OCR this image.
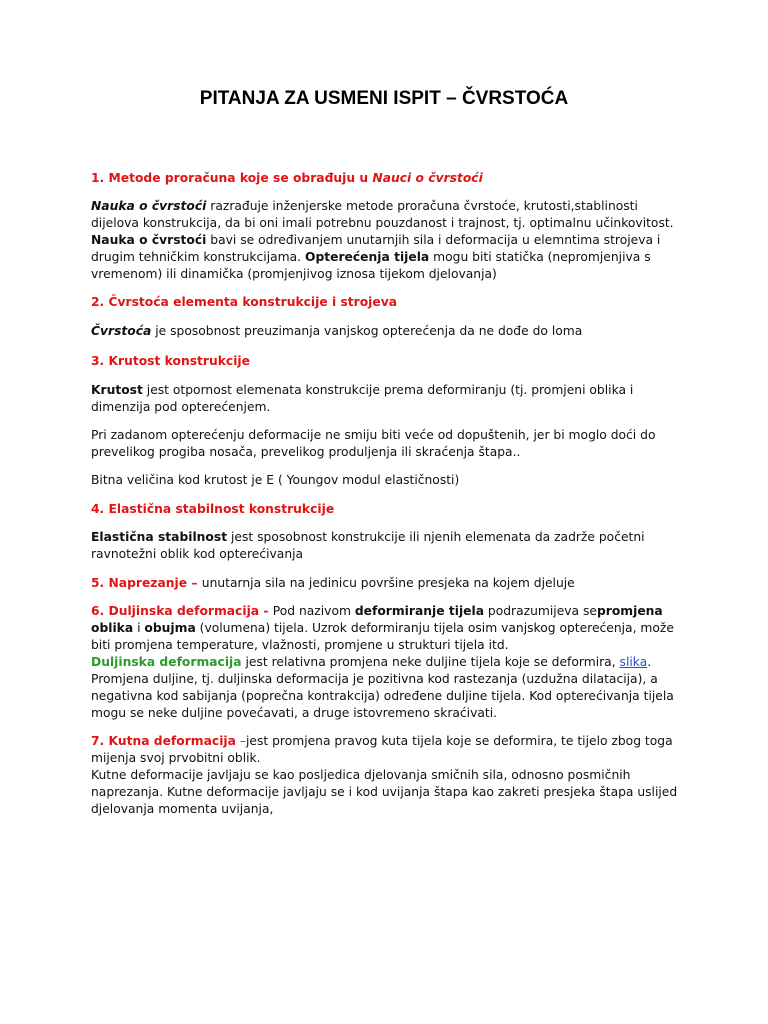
PITANJA ZA USMENI ISPIT – ČVRSTOĆA

1. Metode proračuna koje se obrađuju u Nauci o čvrstoći

Nauka o čvrstoći razrađuje inženjerske metode proračuna čvrstoće, krutosti,stablinosti dijelova konstrukcija, da bi oni imali potrebnu pouzdanost i trajnost, tj. optimalnu učinkovitost. Nauka o čvrstoći bavi se određivanjem unutarnjih sila i deformacija u elemntima strojeva i drugim tehničkim konstrukcijama. Opterećenja tijela mogu biti statička (nepromjenjiva s vremenom) ili dinamička (promjenjivog iznosa tijekom djelovanja)

2. Čvrstoća elementa konstrukcije i strojeva

Čvrstoća je sposobnost preuzimanja vanjskog opterećenja da ne dođe do loma

3. Krutost konstrukcije

Krutost jest otpornost elemenata konstrukcije prema deformiranju (tj. promjeni oblika i dimenzija pod opterećenjem.

Pri zadanom opterećenju deformacije ne smiju biti veće od dopuštenih, jer bi moglo doći do prevelikog progiba nosača, prevelikog produljenja ili skraćenja štapa..

Bitna veličina kod krutost je E ( Youngov modul elastičnosti)

4. Elastična stabilnost konstrukcije

Elastična stabilnost jest sposobnost konstrukcije ili njenih elemenata da zadrže početni ravnotežni oblik kod opterećivanja

5. Naprezanje – unutarnja sila na jedinicu površine presjeka na kojem djeluje

6. Duljinska deformacija - Pod nazivom deformiranje tijela podrazumijeva sepromjena oblika i obujma (volumena) tijela. Uzrok deformiranju tijela osim vanjskog opterećenja, može biti promjena temperature, vlažnosti, promjene u strukturi tijela itd.
Duljinska deformacija jest relativna promjena neke duljine tijela koje se deformira, slika.
Promjena duljine, tj. duljinska deformacija je pozitivna kod rastezanja (uzdužna dilatacija), a negativna kod sabijanja (poprečna kontrakcija) određene duljine tijela. Kod opterećivanja tijela mogu se neke duljine povećavati, a druge istovremeno skraćivati.

7. Kutna deformacija –jest promjena pravog kuta tijela koje se deformira, te tijelo zbog toga mijenja svoj prvobitni oblik.
Kutne deformacije javljaju se kao posljedica djelovanja smičnih sila, odnosno posmičnih naprezanja. Kutne deformacije javljaju se i kod uvijanja štapa kao zakreti presjeka štapa uslijed djelovanja momenta uvijanja,
